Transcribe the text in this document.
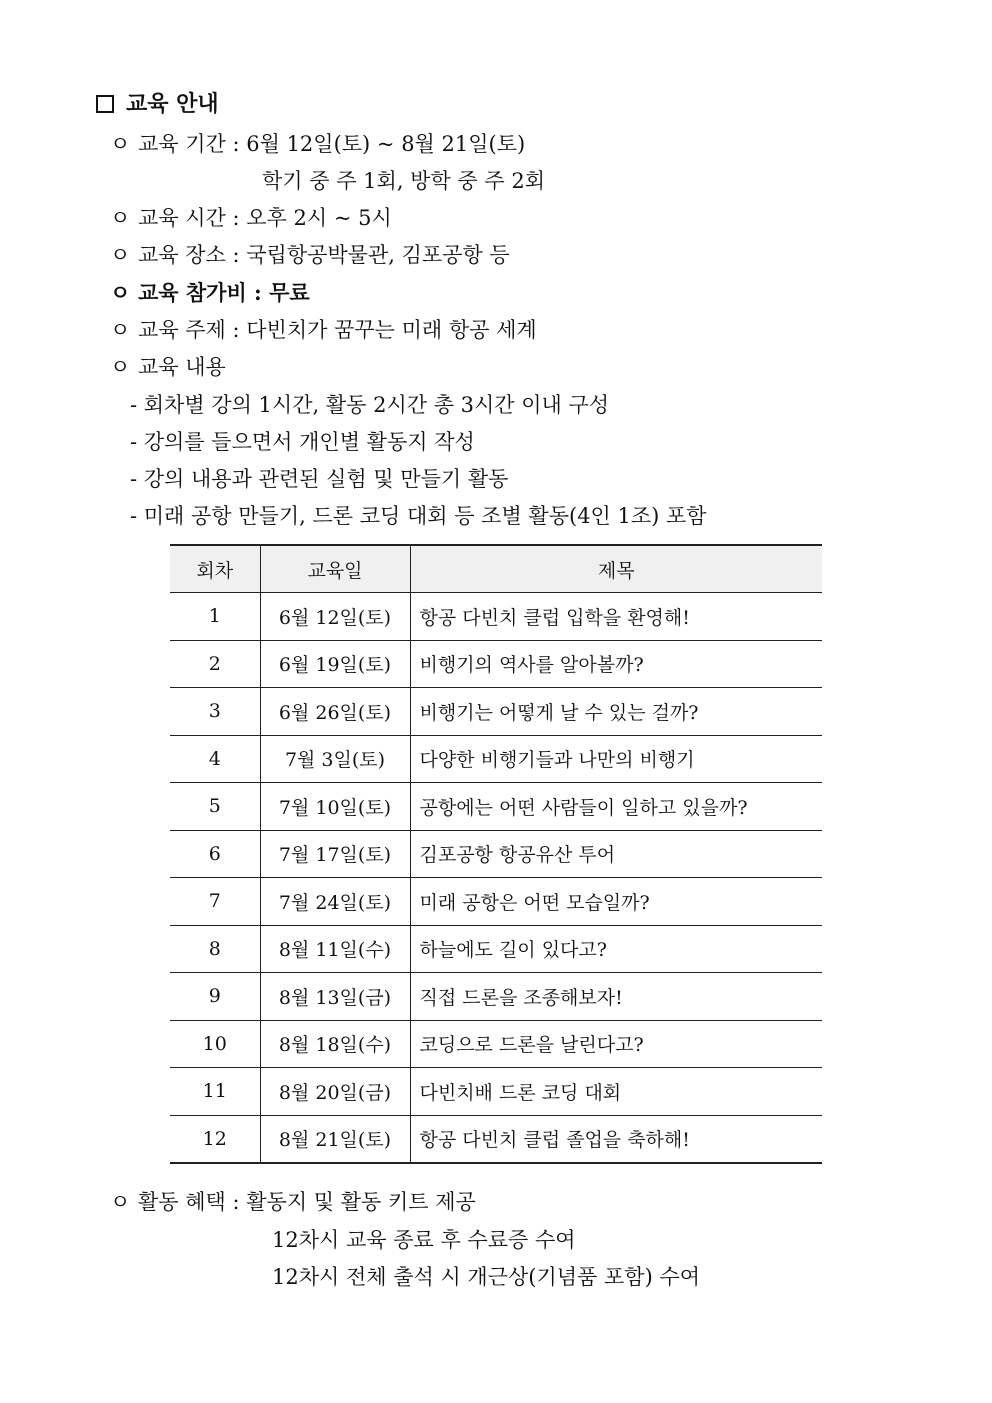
교육 안내
ㅇ 교육 기간 : 6월 12일(토) ~ 8월 21일(토)
학기 중 주 1회, 방학 중 주 2회
ㅇ 교육 시간 : 오후 2시 ~ 5시
ㅇ 교육 장소 : 국립항공박물관, 김포공항 등
ㅇ 교육 참가비 : 무료
ㅇ 교육 주제 : 다빈치가 꿈꾸는 미래 항공 세계
ㅇ 교육 내용
- 회차별 강의 1시간, 활동 2시간 총 3시간 이내 구성
- 강의를 들으면서 개인별 활동지 작성
- 강의 내용과 관련된 실험 및 만들기 활동
- 미래 공항 만들기, 드론 코딩 대회 등 조별 활동(4인 1조) 포함
회차	교육일	제목
1	6월 12일(토)	항공 다빈치 클럽 입학을 환영해!
2	6월 19일(토)	비행기의 역사를 알아볼까?
3	6월 26일(토)	비행기는 어떻게 날 수 있는 걸까?
4	7월 3일(토)	다양한 비행기들과 나만의 비행기
5	7월 10일(토)	공항에는 어떤 사람들이 일하고 있을까?
6	7월 17일(토)	김포공항 항공유산 투어
7	7월 24일(토)	미래 공항은 어떤 모습일까?
8	8월 11일(수)	하늘에도 길이 있다고?
9	8월 13일(금)	직접 드론을 조종해보자!
10	8월 18일(수)	코딩으로 드론을 날린다고?
11	8월 20일(금)	다빈치배 드론 코딩 대회
12	8월 21일(토)	항공 다빈치 클럽 졸업을 축하해!
ㅇ 활동 혜택 : 활동지 및 활동 키트 제공
12차시 교육 종료 후 수료증 수여
12차시 전체 출석 시 개근상(기념품 포함) 수여
